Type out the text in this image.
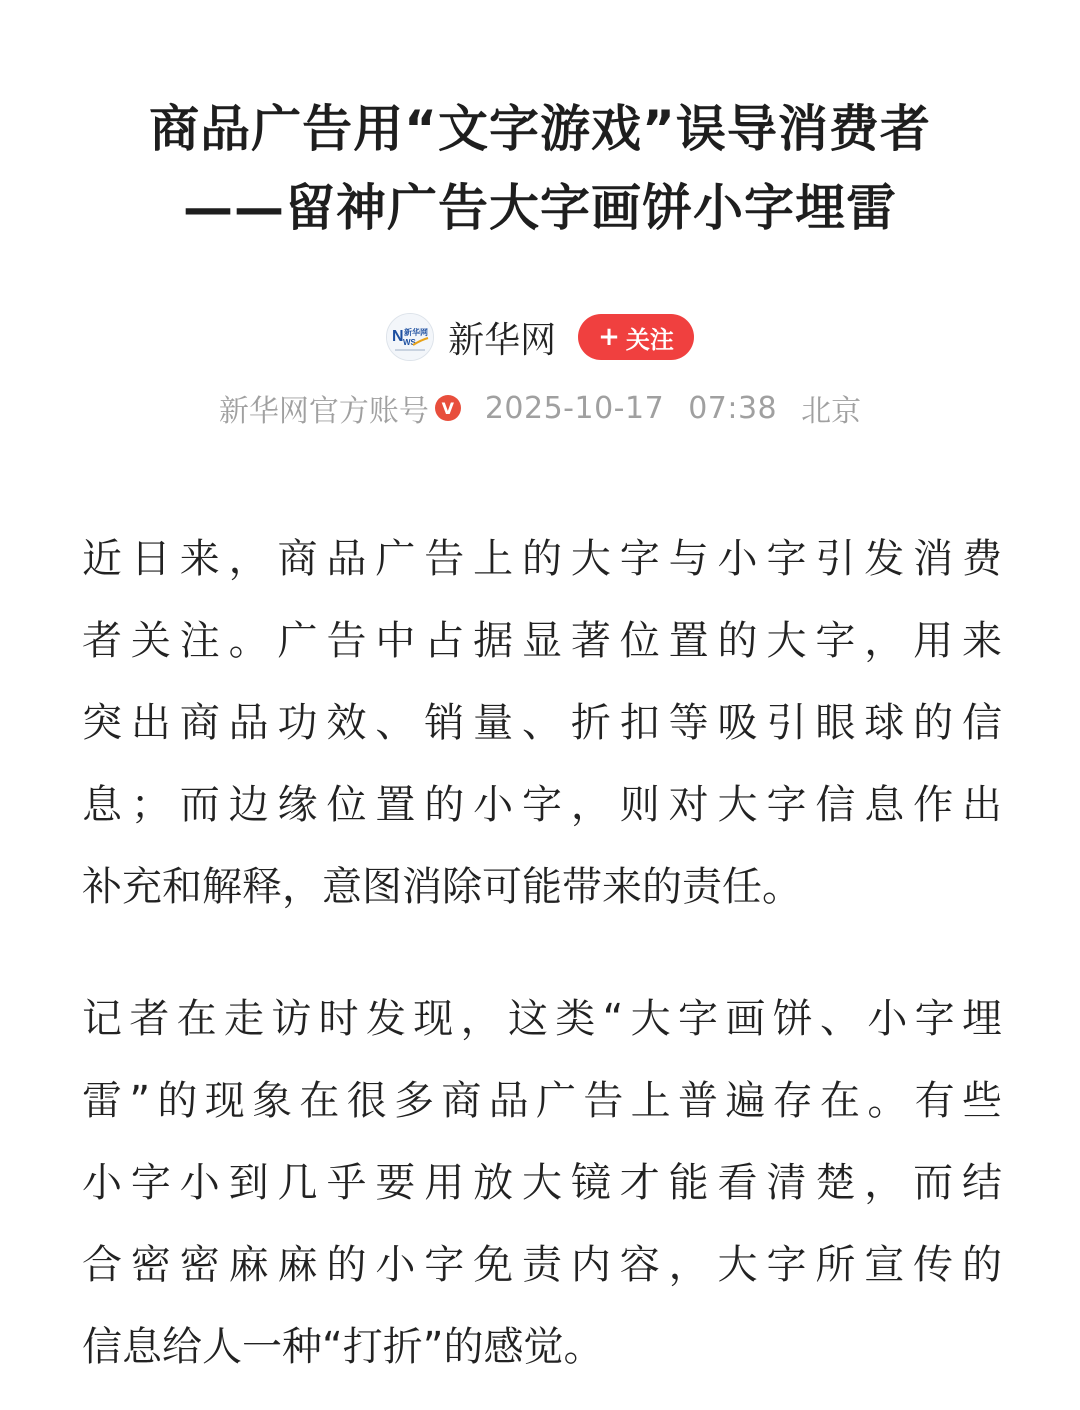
商品广告用“文字游戏”误导消费者
——留神广告大字画饼小字埋雷
N 新华网
WS 新华网 + 关注
新华网官方账号 V 2025-10-17 07:38 北京
近日来，商品广告上的大字与小字引发消费
者关注。广告中占据显著位置的大字，用来
突出商品功效、销量、折扣等吸引眼球的信
息；而边缘位置的小字，则对大字信息作出
补充和解释，意图消除可能带来的责任。
记者在走访时发现，这类“大字画饼、小字埋
雷”的现象在很多商品广告上普遍存在。有些
小字小到几乎要用放大镜才能看清楚，而结
合密密麻麻的小字免责内容，大字所宣传的
信息给人一种“打折”的感觉。
